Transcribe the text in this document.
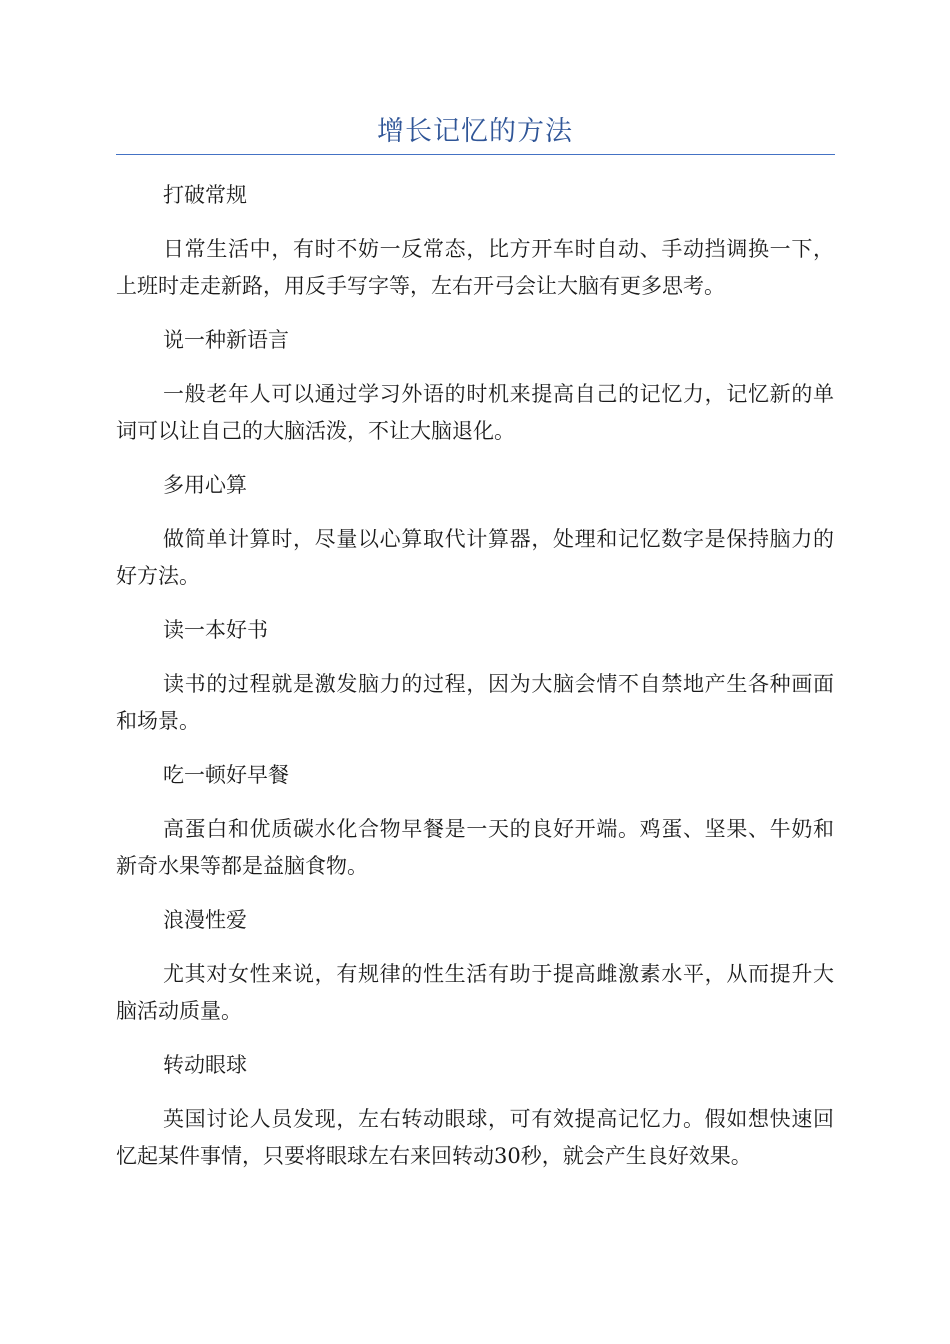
增长记忆的方法

打破常规

日常生活中，有时不妨一反常态，比方开车时自动、手动挡调换一下，上班时走走新路，用反手写字等，左右开弓会让大脑有更多思考。

说一种新语言

一般老年人可以通过学习外语的时机来提高自己的记忆力，记忆新的单词可以让自己的大脑活泼，不让大脑退化。

多用心算

做简单计算时，尽量以心算取代计算器，处理和记忆数字是保持脑力的好方法。

读一本好书

读书的过程就是激发脑力的过程，因为大脑会情不自禁地产生各种画面和场景。

吃一顿好早餐

高蛋白和优质碳水化合物早餐是一天的良好开端。鸡蛋、坚果、牛奶和新奇水果等都是益脑食物。

浪漫性爱

尤其对女性来说，有规律的性生活有助于提高雌激素水平，从而提升大脑活动质量。

转动眼球

英国讨论人员发现，左右转动眼球，可有效提高记忆力。假如想快速回忆起某件事情，只要将眼球左右来回转动30秒，就会产生良好效果。
